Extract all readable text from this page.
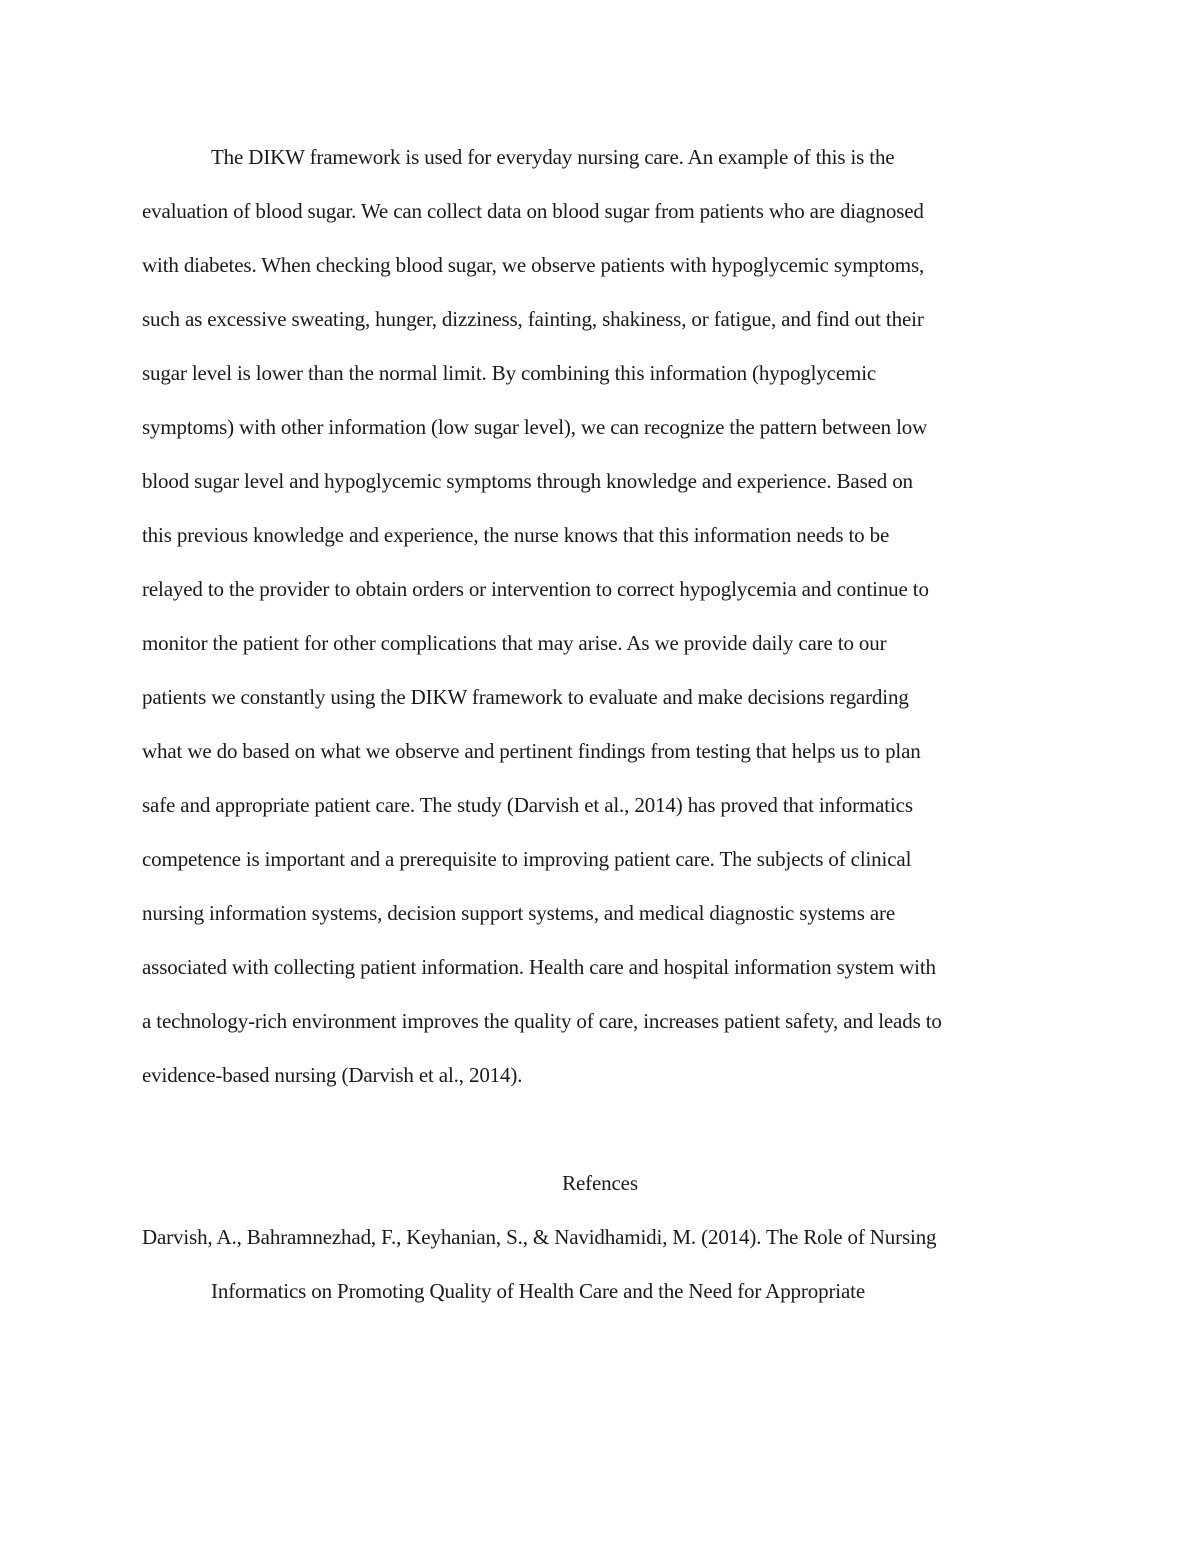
The DIKW framework is used for everyday nursing care. An example of this is the
evaluation of blood sugar. We can collect data on blood sugar from patients who are diagnosed
with diabetes. When checking blood sugar, we observe patients with hypoglycemic symptoms,
such as excessive sweating, hunger, dizziness, fainting, shakiness, or fatigue, and find out their
sugar level is lower than the normal limit. By combining this information (hypoglycemic
symptoms) with other information (low sugar level), we can recognize the pattern between low
blood sugar level and hypoglycemic symptoms through knowledge and experience. Based on
this previous knowledge and experience, the nurse knows that this information needs to be
relayed to the provider to obtain orders or intervention to correct hypoglycemia and continue to
monitor the patient for other complications that may arise. As we provide daily care to our
patients we constantly using the DIKW framework to evaluate and make decisions regarding
what we do based on what we observe and pertinent findings from testing that helps us to plan
safe and appropriate patient care. The study (Darvish et al., 2014) has proved that informatics
competence is important and a prerequisite to improving patient care. The subjects of clinical
nursing information systems, decision support systems, and medical diagnostic systems are
associated with collecting patient information. Health care and hospital information system with
a technology-rich environment improves the quality of care, increases patient safety, and leads to
evidence-based nursing (Darvish et al., 2014).
Refences
Darvish, A., Bahramnezhad, F., Keyhanian, S., & Navidhamidi, M. (2014). The Role of Nursing
Informatics on Promoting Quality of Health Care and the Need for Appropriate
